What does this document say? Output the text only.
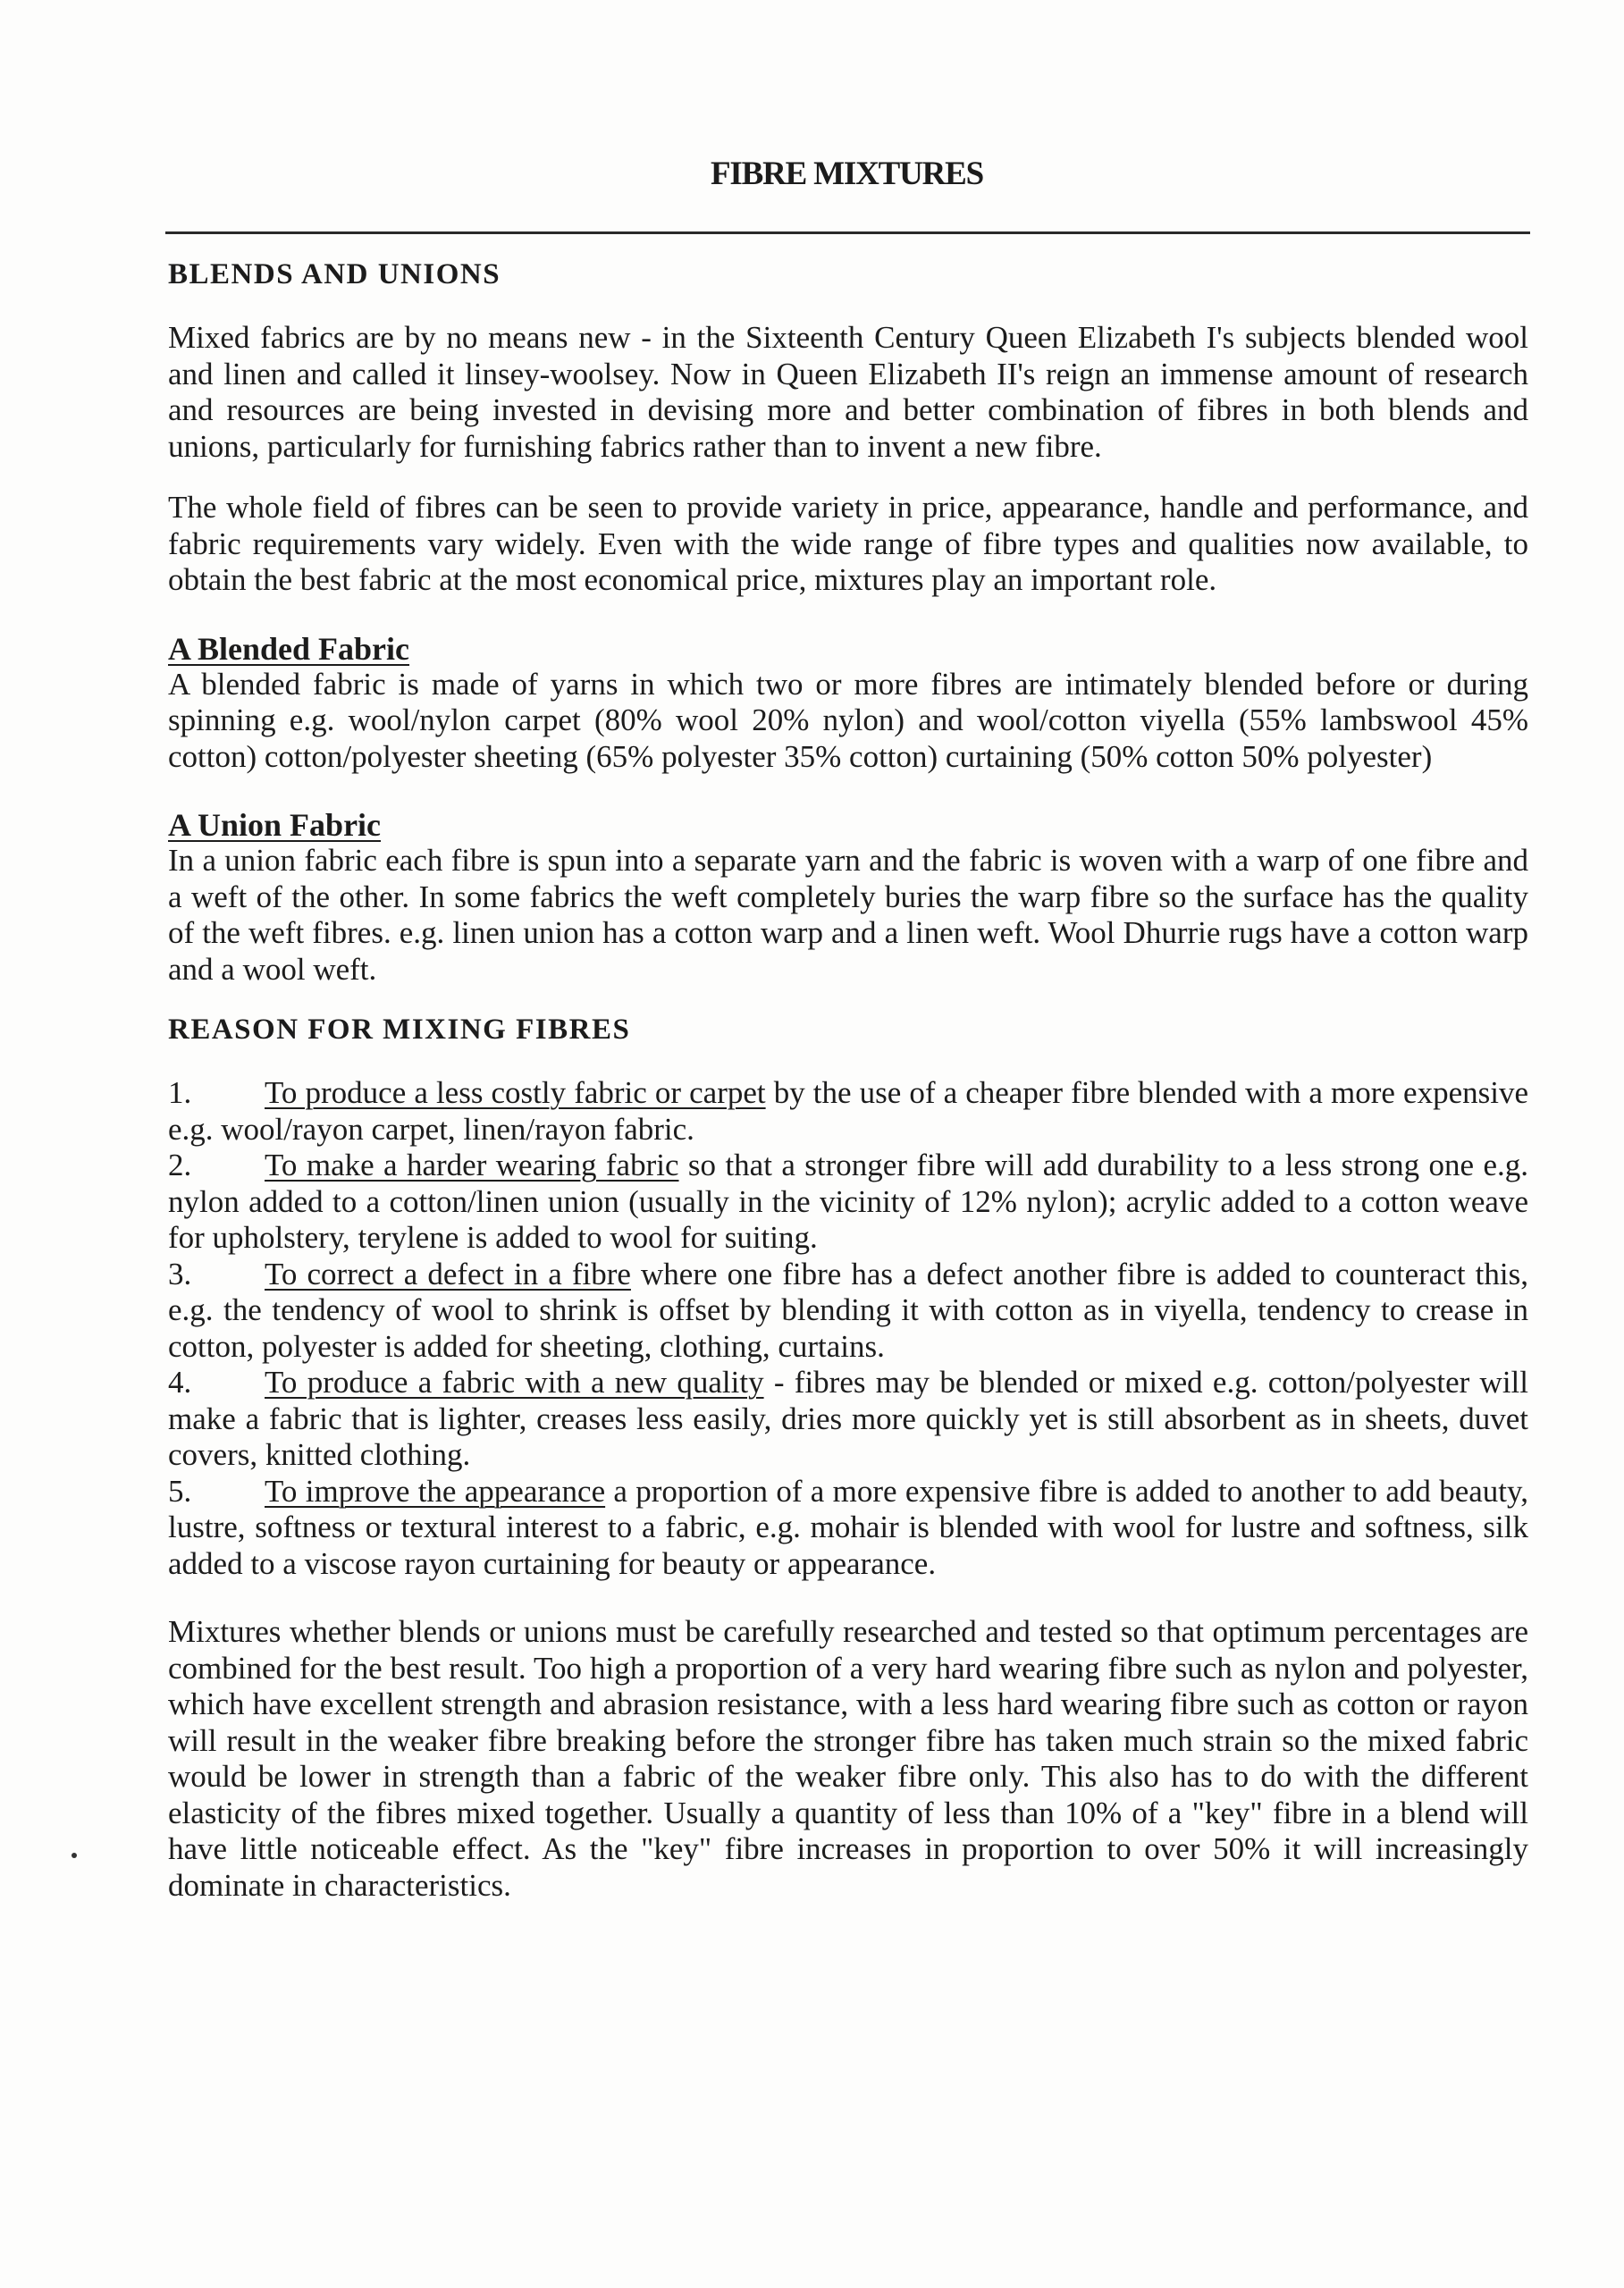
FIBRE MIXTURES

BLENDS AND UNIONS

Mixed fabrics are by no means new - in the Sixteenth Century Queen Elizabeth I's subjects blended wool and linen and called it linsey-woolsey. Now in Queen Elizabeth II's reign an immense amount of research and resources are being invested in devising more and better combination of fibres in both blends and unions, particularly for furnishing fabrics rather than to invent a new fibre.

The whole field of fibres can be seen to provide variety in price, appearance, handle and performance, and fabric requirements vary widely. Even with the wide range of fibre types and qualities now available, to obtain the best fabric at the most economical price, mixtures play an important role.

A Blended Fabric

A blended fabric is made of yarns in which two or more fibres are intimately blended before or during spinning e.g. wool/nylon carpet (80% wool 20% nylon) and wool/cotton viyella (55% lambswool 45% cotton) cotton/polyester sheeting (65% polyester 35% cotton) curtaining (50% cotton 50% polyester)

A Union Fabric

In a union fabric each fibre is spun into a separate yarn and the fabric is woven with a warp of one fibre and a weft of the other. In some fabrics the weft completely buries the warp fibre so the surface has the quality of the weft fibres. e.g. linen union has a cotton warp and a linen weft. Wool Dhurrie rugs have a cotton warp and a wool weft.

REASON FOR MIXING FIBRES

1. To produce a less costly fabric or carpet by the use of a cheaper fibre blended with a more expensive e.g. wool/rayon carpet, linen/rayon fabric.

2. To make a harder wearing fabric so that a stronger fibre will add durability to a less strong one e.g. nylon added to a cotton/linen union (usually in the vicinity of 12% nylon); acrylic added to a cotton weave for upholstery, terylene is added to wool for suiting.

3. To correct a defect in a fibre where one fibre has a defect another fibre is added to counteract this, e.g. the tendency of wool to shrink is offset by blending it with cotton as in viyella, tendency to crease in cotton, polyester is added for sheeting, clothing, curtains.

4. To produce a fabric with a new quality - fibres may be blended or mixed e.g. cotton/polyester will make a fabric that is lighter, creases less easily, dries more quickly yet is still absorbent as in sheets, duvet covers, knitted clothing.

5. To improve the appearance a proportion of a more expensive fibre is added to another to add beauty, lustre, softness or textural interest to a fabric, e.g. mohair is blended with wool for lustre and softness, silk added to a viscose rayon curtaining for beauty or appearance.

Mixtures whether blends or unions must be carefully researched and tested so that optimum percentages are combined for the best result. Too high a proportion of a very hard wearing fibre such as nylon and polyester, which have excellent strength and abrasion resistance, with a less hard wearing fibre such as cotton or rayon will result in the weaker fibre breaking before the stronger fibre has taken much strain so the mixed fabric would be lower in strength than a fabric of the weaker fibre only. This also has to do with the different elasticity of the fibres mixed together. Usually a quantity of less than 10% of a "key" fibre in a blend will have little noticeable effect. As the "key" fibre increases in proportion to over 50% it will increasingly dominate in characteristics.
